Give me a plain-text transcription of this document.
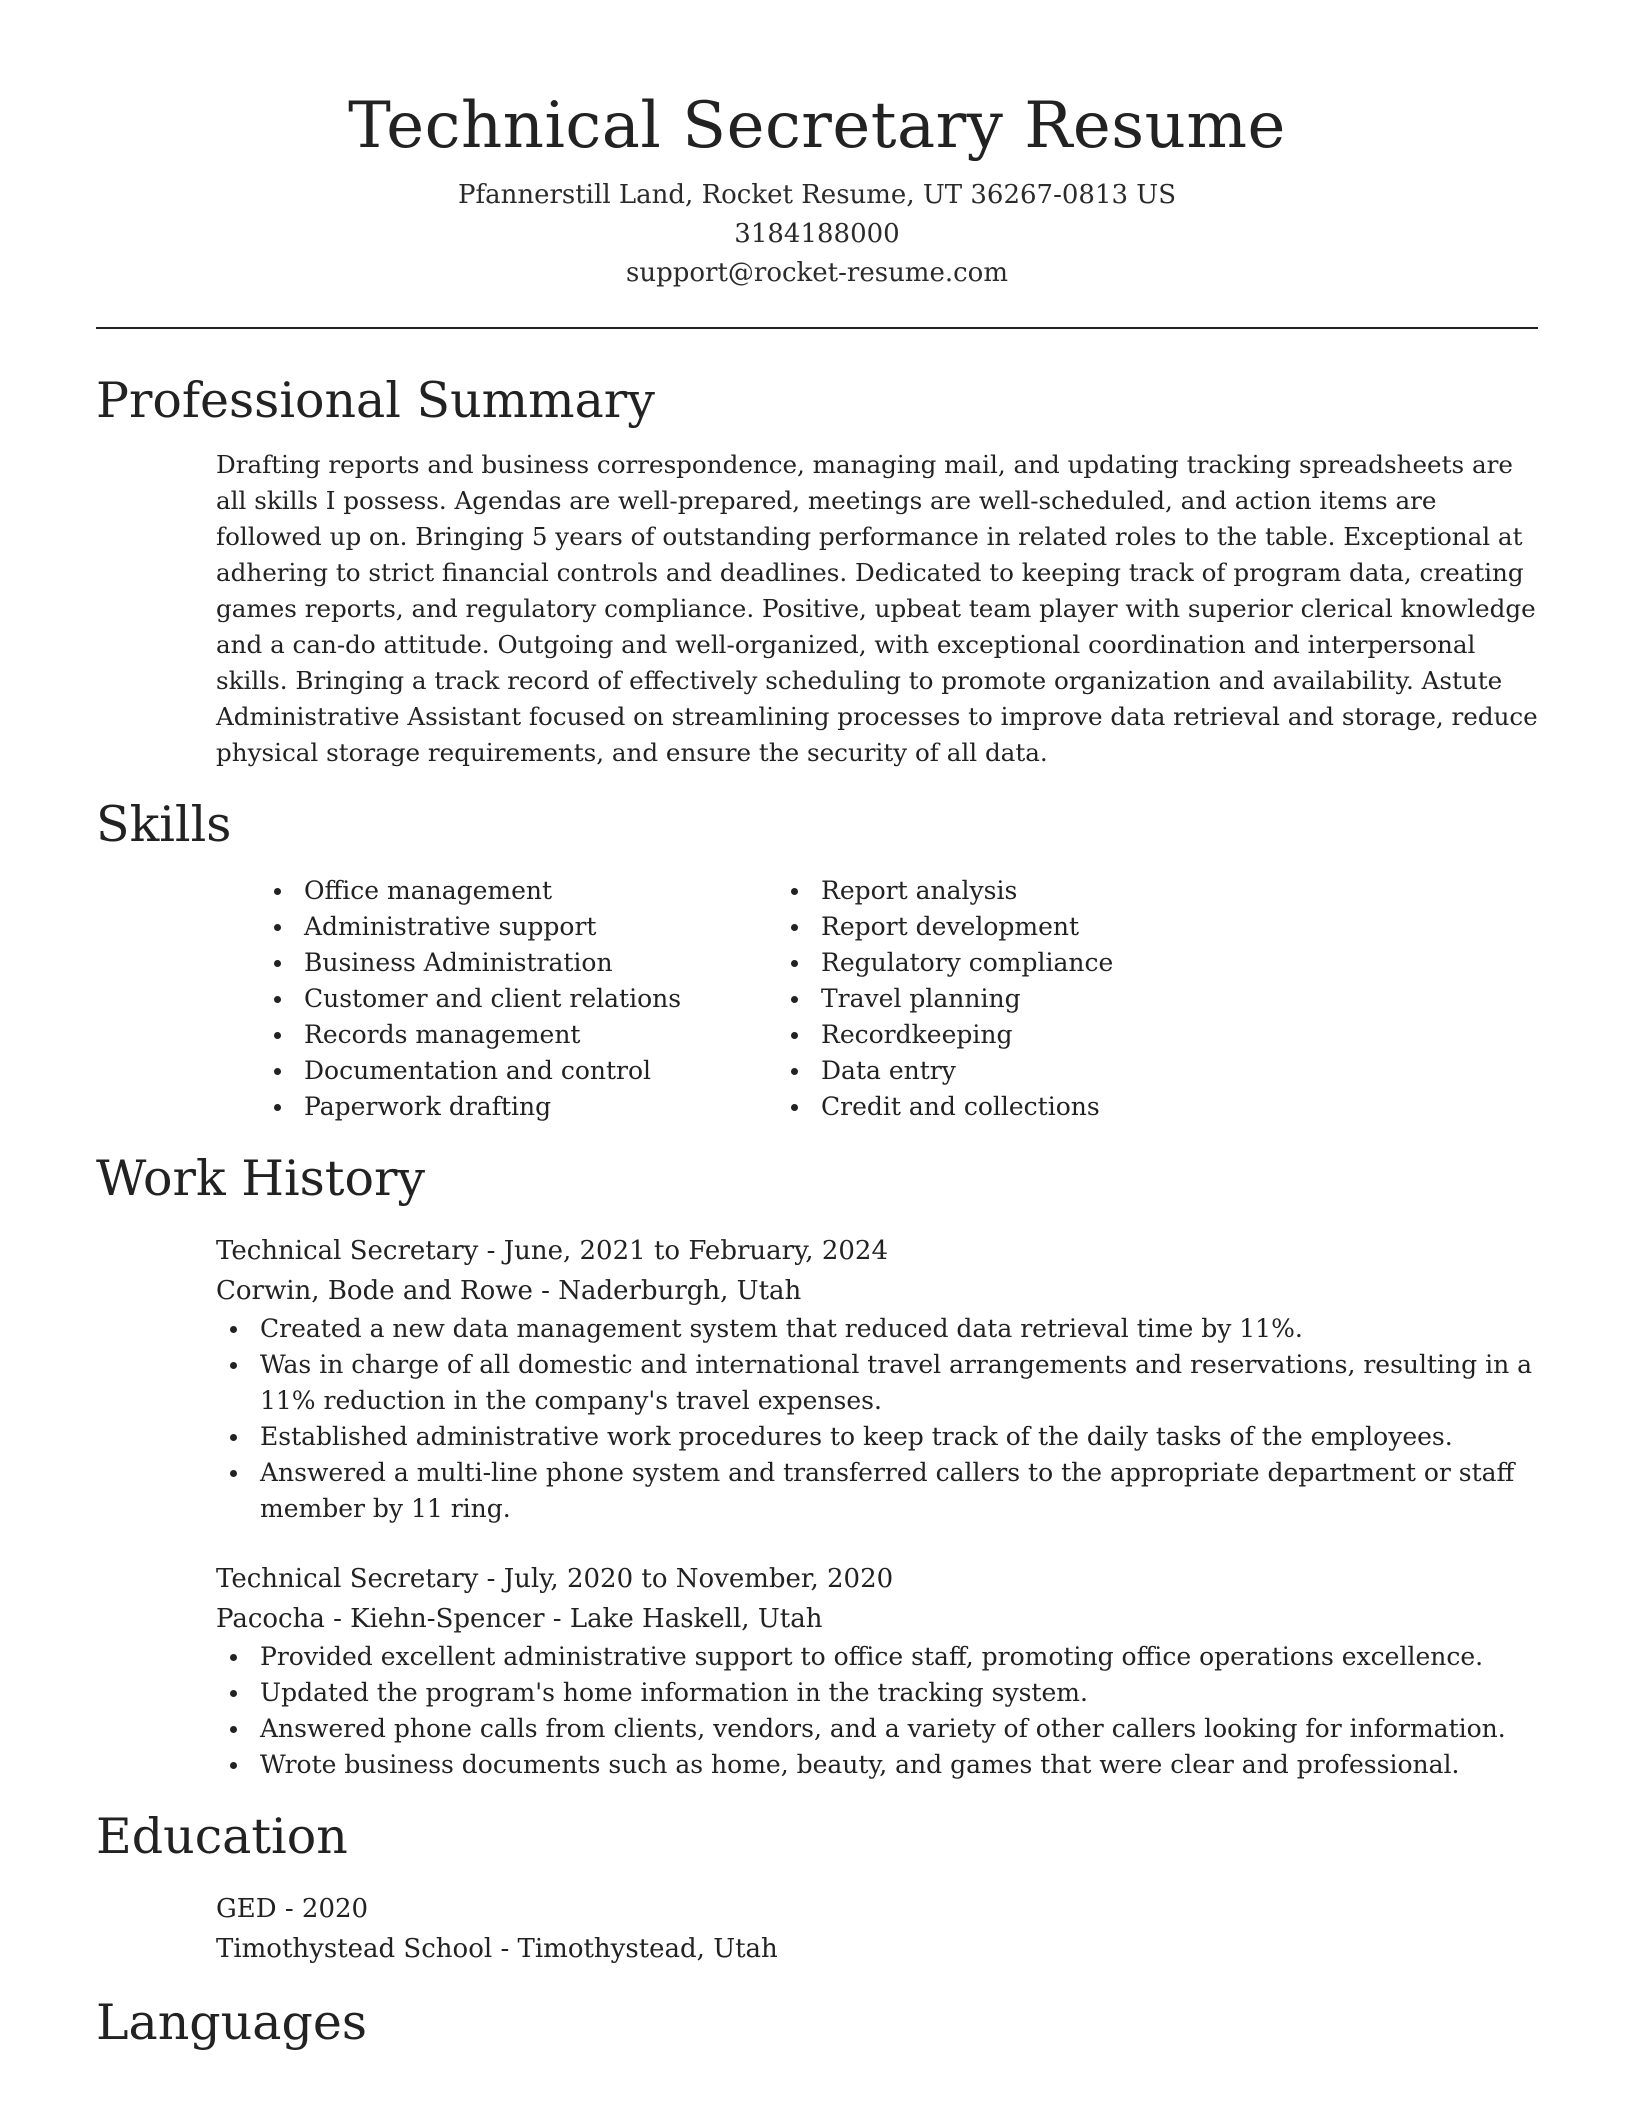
Technical Secretary Resume
Pfannerstill Land, Rocket Resume, UT 36267-0813 US
3184188000
support@rocket-resume.com
Professional Summary
Drafting reports and business correspondence, managing mail, and updating tracking spreadsheets are all skills I possess. Agendas are well-prepared, meetings are well-scheduled, and action items are followed up on. Bringing 5 years of outstanding performance in related roles to the table. Exceptional at adhering to strict financial controls and deadlines. Dedicated to keeping track of program data, creating games reports, and regulatory compliance. Positive, upbeat team player with superior clerical knowledge and a can-do attitude. Outgoing and well-organized, with exceptional coordination and interpersonal skills. Bringing a track record of effectively scheduling to promote organization and availability. Astute Administrative Assistant focused on streamlining processes to improve data retrieval and storage, reduce physical storage requirements, and ensure the security of all data.
Skills
Office management
Administrative support
Business Administration
Customer and client relations
Records management
Documentation and control
Paperwork drafting
Report analysis
Report development
Regulatory compliance
Travel planning
Recordkeeping
Data entry
Credit and collections
Work History
Technical Secretary - June, 2021 to February, 2024
Corwin, Bode and Rowe - Naderburgh, Utah
Created a new data management system that reduced data retrieval time by 11%.
Was in charge of all domestic and international travel arrangements and reservations, resulting in a 11% reduction in the company's travel expenses.
Established administrative work procedures to keep track of the daily tasks of the employees.
Answered a multi-line phone system and transferred callers to the appropriate department or staff member by 11 ring.
Technical Secretary - July, 2020 to November, 2020
Pacocha - Kiehn-Spencer - Lake Haskell, Utah
Provided excellent administrative support to office staff, promoting office operations excellence.
Updated the program's home information in the tracking system.
Answered phone calls from clients, vendors, and a variety of other callers looking for information.
Wrote business documents such as home, beauty, and games that were clear and professional.
Education
GED - 2020
Timothystead School - Timothystead, Utah
Languages
